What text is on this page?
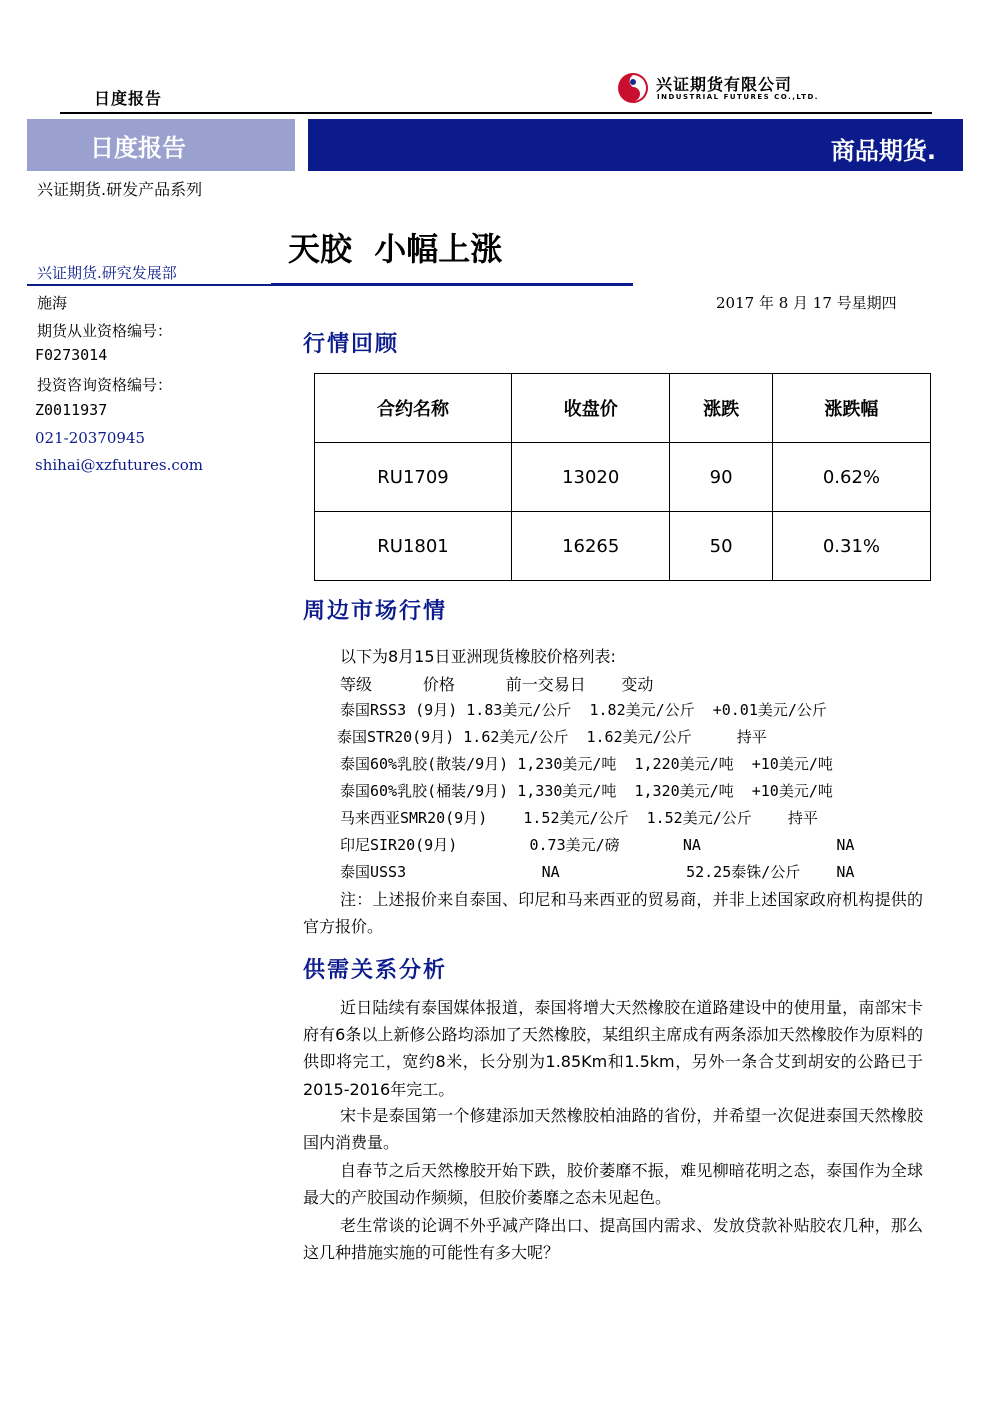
日度报告
兴证期货有限公司
INDUSTRIAL FUTURES CO.,LTD.
日度报告	商品期货.
兴证期货.研发产品系列
天胶  小幅上涨
兴证期货.研究发展部
施海
期货从业资格编号：
F0273014
投资咨询资格编号：
Z0011937
021-20370945
shihai@xzfutures.com
2017 年 8 月 17 号星期四
行情回顾
合约名称	收盘价	涨跌	涨跌幅
RU1709	13020	90	0.62%
RU1801	16265	50	0.31%
周边市场行情
以下为8月15日亚洲现货橡胶价格列表:
等级          价格          前一交易日       变动
泰国RSS3 (9月) 1.83美元/公斤  1.82美元/公斤  +0.01美元/公斤
泰国STR20(9月) 1.62美元/公斤  1.62美元/公斤     持平
泰国60%乳胶(散装/9月) 1,230美元/吨  1,220美元/吨  +10美元/吨
泰国60%乳胶(桶装/9月) 1,330美元/吨  1,320美元/吨  +10美元/吨
马来西亚SMR20(9月)    1.52美元/公斤  1.52美元/公斤    持平
印尼SIR20(9月)        0.73美元/磅       NA               NA
泰国USS3               NA              52.25泰铢/公斤    NA
注：上述报价来自泰国、印尼和马来西亚的贸易商，并非上述国家政府机构提供的官方报价。
供需关系分析
近日陆续有泰国媒体报道，泰国将增大天然橡胶在道路建设中的使用量，南部宋卡府有6条以上新修公路均添加了天然橡胶，某组织主席成有两条添加天然橡胶作为原料的供即将完工，宽约8米，长分别为1.85Km和1.5km，另外一条合艾到胡安的公路已于2015-2016年完工。
宋卡是泰国第一个修建添加天然橡胶柏油路的省份，并希望一次促进泰国天然橡胶国内消费量。
自春节之后天然橡胶开始下跌，胶价萎靡不振，难见柳暗花明之态，泰国作为全球最大的产胶国动作频频，但胶价萎靡之态未见起色。
老生常谈的论调不外乎减产降出口、提高国内需求、发放贷款补贴胶农几种，那么这几种措施实施的可能性有多大呢？
